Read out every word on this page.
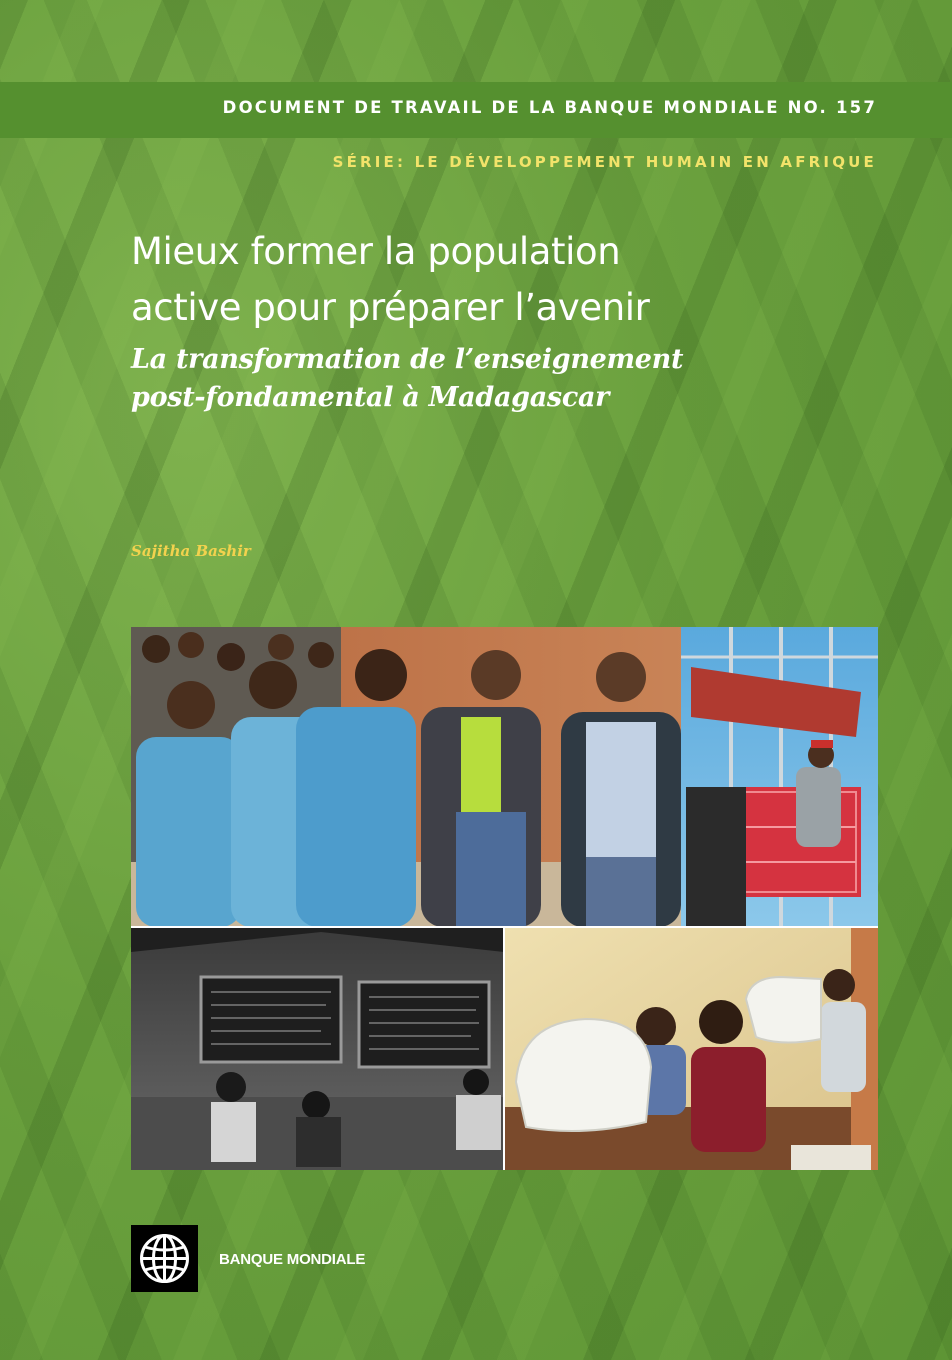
DOCUMENT DE TRAVAIL DE LA BANQUE MONDIALE NO. 157
SÉRIE: LE DÉVELOPPEMENT HUMAIN EN AFRIQUE
Mieux former la population
active pour préparer l’avenir
La transformation de l’enseignement
post-fondamental à Madagascar
Sajitha Bashir
BANQUE MONDIALE
